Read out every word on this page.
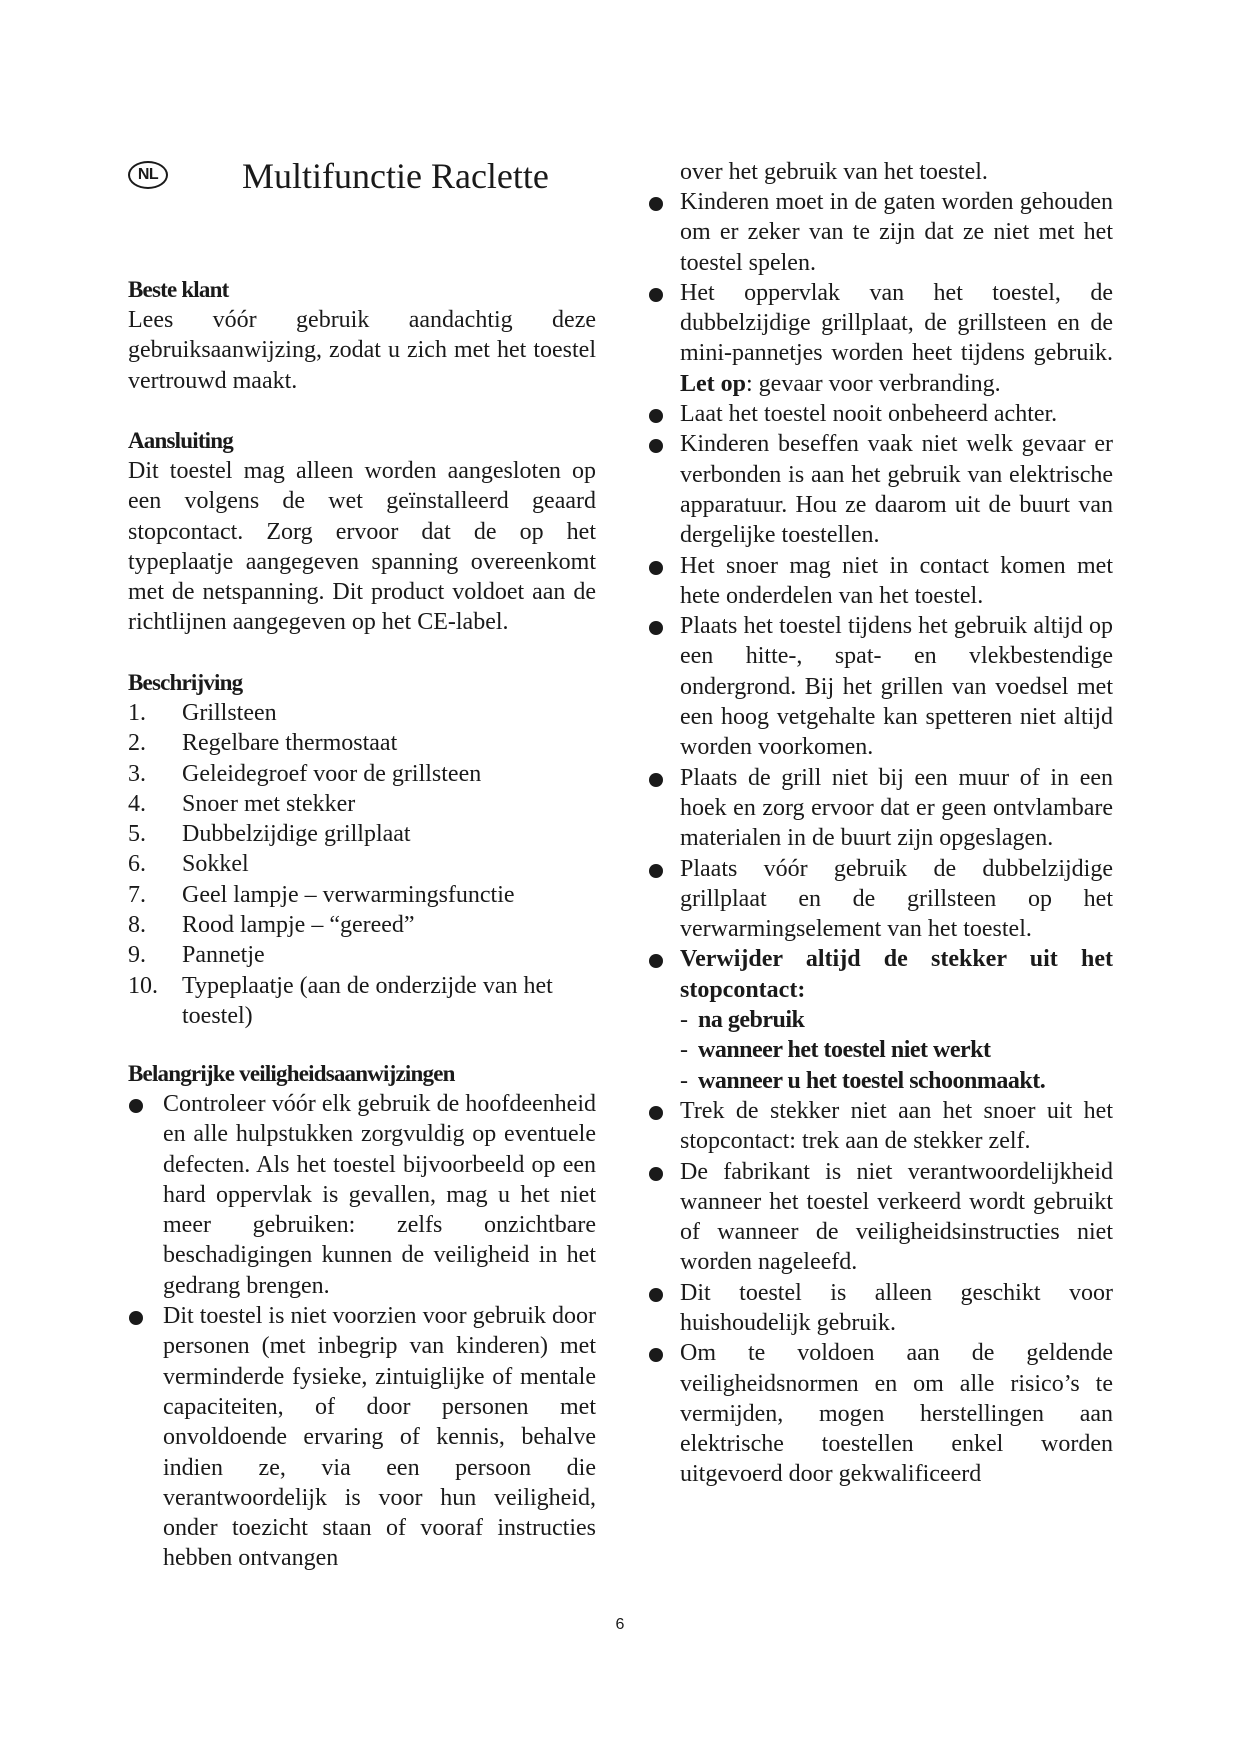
NL Multifunctie Raclette
Beste klant
Lees vóór gebruik aandachtig deze gebruiksaanwijzing, zodat u zich met het toestel vertrouwd maakt.
Aansluiting
Dit toestel mag alleen worden aangesloten op een volgens de wet geïnstalleerd geaard stopcontact. Zorg ervoor dat de op het typeplaatje aangegeven spanning overeenkomt met de netspanning. Dit product voldoet aan de richtlijnen aangegeven op het CE-label.
Beschrijving
1. Grillsteen
2. Regelbare thermostaat
3. Geleidegroef voor de grillsteen
4. Snoer met stekker
5. Dubbelzijdige grillplaat
6. Sokkel
7. Geel lampje – verwarmingsfunctie
8. Rood lampje – “gereed”
9. Pannetje
10. Typeplaatje (aan de onderzijde van het toestel)
Belangrijke veiligheidsaanwijzingen
Controleer vóór elk gebruik de hoofdeenheid en alle hulpstukken zorgvuldig op eventuele defecten. Als het toestel bijvoorbeeld op een hard oppervlak is gevallen, mag u het niet meer gebruiken: zelfs onzichtbare beschadigingen kunnen de veiligheid in het gedrang brengen.
Dit toestel is niet voorzien voor gebruik door personen (met inbegrip van kinderen) met verminderde fysieke, zintuiglijke of mentale capaciteiten, of door personen met onvoldoende ervaring of kennis, behalve indien ze, via een persoon die verantwoordelijk is voor hun veiligheid, onder toezicht staan of vooraf instructies hebben ontvangen
over het gebruik van het toestel.
Kinderen moet in de gaten worden gehouden om er zeker van te zijn dat ze niet met het toestel spelen.
Het oppervlak van het toestel, de dubbelzijdige grillplaat, de grillsteen en de mini-pannetjes worden heet tijdens gebruik. Let op: gevaar voor verbranding.
Laat het toestel nooit onbeheerd achter.
Kinderen beseffen vaak niet welk gevaar er verbonden is aan het gebruik van elektrische apparatuur. Hou ze daarom uit de buurt van dergelijke toestellen.
Het snoer mag niet in contact komen met hete onderdelen van het toestel.
Plaats het toestel tijdens het gebruik altijd op een hitte-, spat- en vlekbestendige ondergrond. Bij het grillen van voedsel met een hoog vetgehalte kan spetteren niet altijd worden voorkomen.
Plaats de grill niet bij een muur of in een hoek en zorg ervoor dat er geen ontvlambare materialen in de buurt zijn opgeslagen.
Plaats vóór gebruik de dubbelzijdige grillplaat en de grillsteen op het verwarmingselement van het toestel.
Verwijder altijd de stekker uit het stopcontact:
- na gebruik
- wanneer het toestel niet werkt
- wanneer u het toestel schoonmaakt.
Trek de stekker niet aan het snoer uit het stopcontact: trek aan de stekker zelf.
De fabrikant is niet verantwoordelijkheid wanneer het toestel verkeerd wordt gebruikt of wanneer de veiligheidsinstructies niet worden nageleefd.
Dit toestel is alleen geschikt voor huishoudelijk gebruik.
Om te voldoen aan de geldende veiligheidsnormen en om alle risico’s te vermijden, mogen herstellingen aan elektrische toestellen enkel worden uitgevoerd door gekwalificeerd
6
